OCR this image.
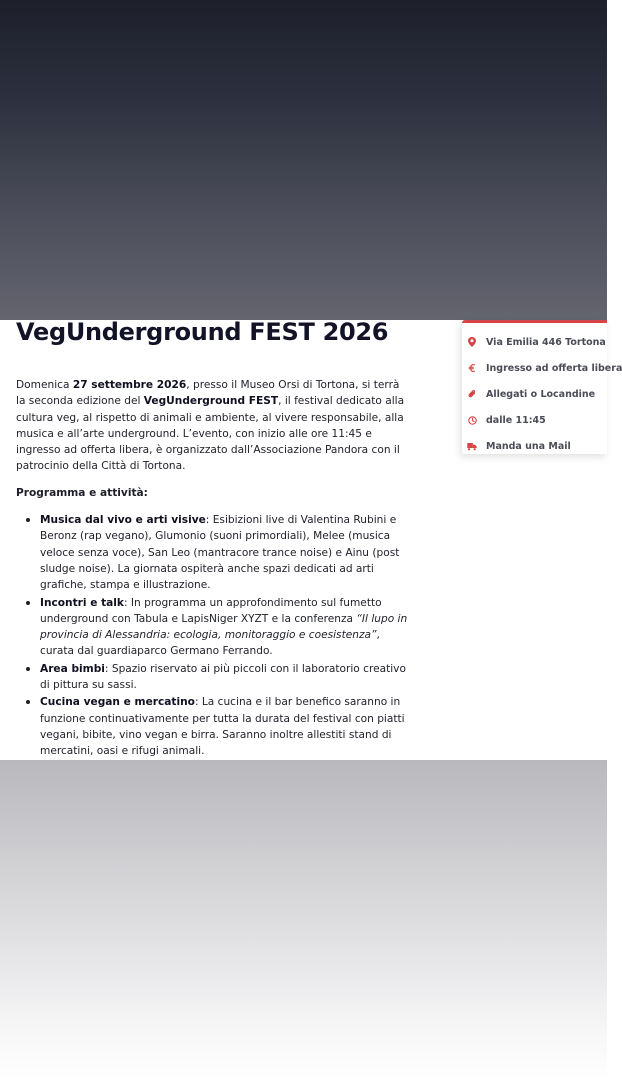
VegUnderground FEST 2026	Via Emilia 446 Tortona
Ingresso ad offerta libera
Allegati o Locandine
dalle 11:45
Manda una Mail

Domenica 27 settembre 2026, presso il Museo Orsi di Tortona, si terrà la seconda edizione del VegUnderground FEST, il festival dedicato alla cultura veg, al rispetto di animali e ambiente, al vivere responsabile, alla musica e all’arte underground. L’evento, con inizio alle ore 11:45 e ingresso ad offerta libera, è organizzato dall’Associazione Pandora con il patrocinio della Città di Tortona.

Programma e attività:

• Musica dal vivo e arti visive: Esibizioni live di Valentina Rubini e Beronz (rap vegano), Glumonio (suoni primordiali), Melee (musica veloce senza voce), San Leo (mantracore trance noise) e Ainu (post sludge noise). La giornata ospiterà anche spazi dedicati ad arti grafiche, stampa e illustrazione.
• Incontri e talk: In programma un approfondimento sul fumetto underground con Tabula e LapisNiger XYZT e la conferenza “Il lupo in provincia di Alessandria: ecologia, monitoraggio e coesistenza”, curata dal guardiaparco Germano Ferrando.
• Area bimbi: Spazio riservato ai più piccoli con il laboratorio creativo di pittura su sassi.
• Cucina vegan e mercatino: La cucina e il bar benefico saranno in funzione continuativamente per tutta la durata del festival con piatti vegani, bibite, vino vegan e birra. Saranno inoltre allestiti stand di mercatini, oasi e rifugi animali.
